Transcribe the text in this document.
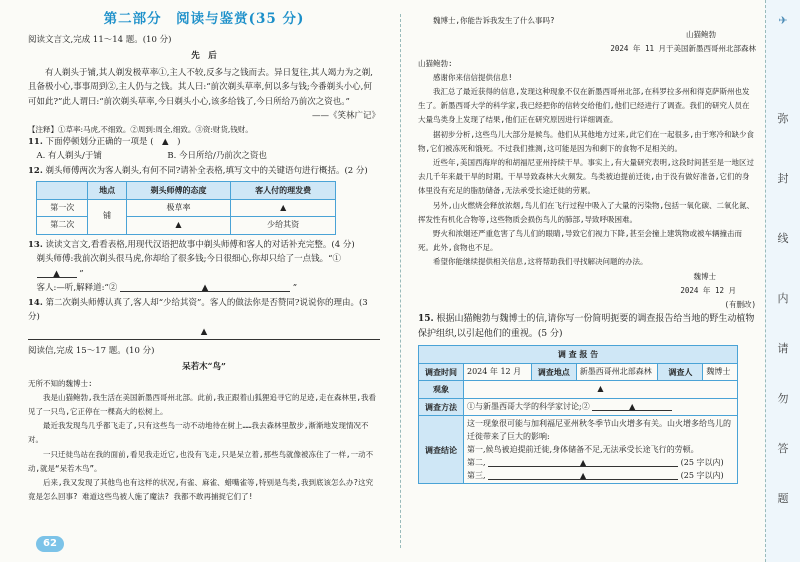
第二部分　阅读与鉴赏(35 分)

阅读文言文,完成 11～14 题。(10 分)

先　后

有人剃头于铺,其人剃发极草率①,主人不较,反多与之钱而去。异日复往,其人竭力为之剃,且备极小心,事事周到②,主人仍与之钱。其人曰:“前次剃头草率,何以多与钱;今番剃头小心,何可如此?”此人谓曰:“前次剃头草率,今日剃头小心,该多给钱了,今日所给乃前次之资也。”

——《笑林广记》

【注释】①草率:马虎,不细致。②周到:周全,细致。③资:财货,钱财。

11. 下面停顿划分正确的一项是 (　▲　)

A. 有人剃头/于铺	B. 今日所给/乃前次之资也

12. 剃头师傅两次为客人剃头,有何不同?请补全表格,填写文中的关键语句进行概括。(2 分)

	地点	剃头师傅的态度	客人付的理发费
第一次	铺	极草率	▲
第二次		▲	少给其资

13. 读读文言文,看看表格,用现代汉语把故事中剃头师傅和客人的对话补充完整。(4 分)

剃头师傅:我前次剃头很马虎,你却给了很多钱;今日很细心,你却只给了一点钱。“① ▲ ”

客人:—听,解释道:“②	▲	”

14. 第二次剃头师傅认真了,客人却“少给其资”。客人的做法你是否赞同?说说你的理由。(3 分)

▲

阅读信,完成 15～17 题。(10 分)

呆若木“鸟”

无所不知的魏博士:

我是山猫鲍勃,我生活在美国新墨西哥州北部。此前,我正跟着山狐狸追寻它的足迹,走在森林里,我看见了一只鸟,它正停在一棵高大的松树上。

最近我发现鸟几乎都飞走了,只有这些鸟一动不动地待在树上……我去森林里散步,渐渐地发现情况不对。

一只迁徙鸟站在我的面前,看见我走近它,也没有飞走,只是呆立着,那些鸟就像被冻住了一样,一动不动,就是“呆若木鸟”。

后来,我又发现了其他鸟也有这样的状况,有雀、麻雀、蜡嘴雀等,特别是鸟类,我到底该怎么办?这究竟是怎么回事? 难道这些鸟被人施了魔法? 我都不敢再捕捉它们了!

魏博士,你能告诉我发生了什么事吗?

山猫鲍勃

2024 年 11 月于美国新墨西哥州北部森林

山猫鲍勃:

感谢你来信信提供信息!

我汇总了最近获得的信息,发现这种现象不仅在新墨西哥州北部,在科罗拉多州和得克萨斯州也发生了。新墨西哥大学的科学家,我已经把你的信转交给他们,他们已经进行了调查。我们的研究人员在大量鸟类身上发现了结果,他们正在研究原因进行详细调查。

据初步分析,这些鸟儿大部分是候鸟。他们从其他地方过来,此它们在一起很多,由于寒冷和缺少食物,它们被冻死和饿死。不过我们推测,这可能是因为和剩下的食物不足相关的。

近些年,美国西海岸的和胡福尼亚州持续干旱。事实上,有大量研究表明,这段时间甚至是一地区过去几千年来最干旱的时期。干旱导致森林大火频发。鸟类被迫提前迁徙,由于没有做好准备,它们的身体里没有充足的脂肪储备,无法承受长途迁徙的劳累。

另外,山火燃烧会释放浓烟,鸟儿们在飞行过程中吸入了大量的污染物,包括一氧化碳、二氧化氮、挥发性有机化合物等,这些物质会损伤鸟儿的肺部,导致呼吸困难。

野火和浓烟还严重危害了鸟儿们的眼睛,导致它们视力下降,甚至会撞上建筑物或被车辆撞击而死。此外,食物也不足。

希望你能继续提供相关信息,这将帮助我们寻找解决问题的办法。

魏博士

2024 年 12 月

(有删改)

15. 根据山猫鲍勃与魏博士的信,请你写一份简明扼要的调查报告给当地的野生动植物保护组织,以引起他们的重视。(5 分)

调 查 报 告					
调查时间	2024 年 12 月	调查地点	新墨西哥州北部森林	调查人	魏博士
观象	▲				
调查方法	①与新墨西哥大学的科学家讨论;② ▲				
调查结论	这一现象很可能与加利福尼亚州秋冬季节山火增多有关。山火增多给鸟儿的迁徙带来了巨大的影响:
第一,候鸟被迫提前迁徙,身体储备不足,无法承受长途飞行的劳顿。
第二, ▲ (25 字以内)
第三, ▲ (25 字以内)				
✈
弥
封
线
内
请
勿
答
题
62
